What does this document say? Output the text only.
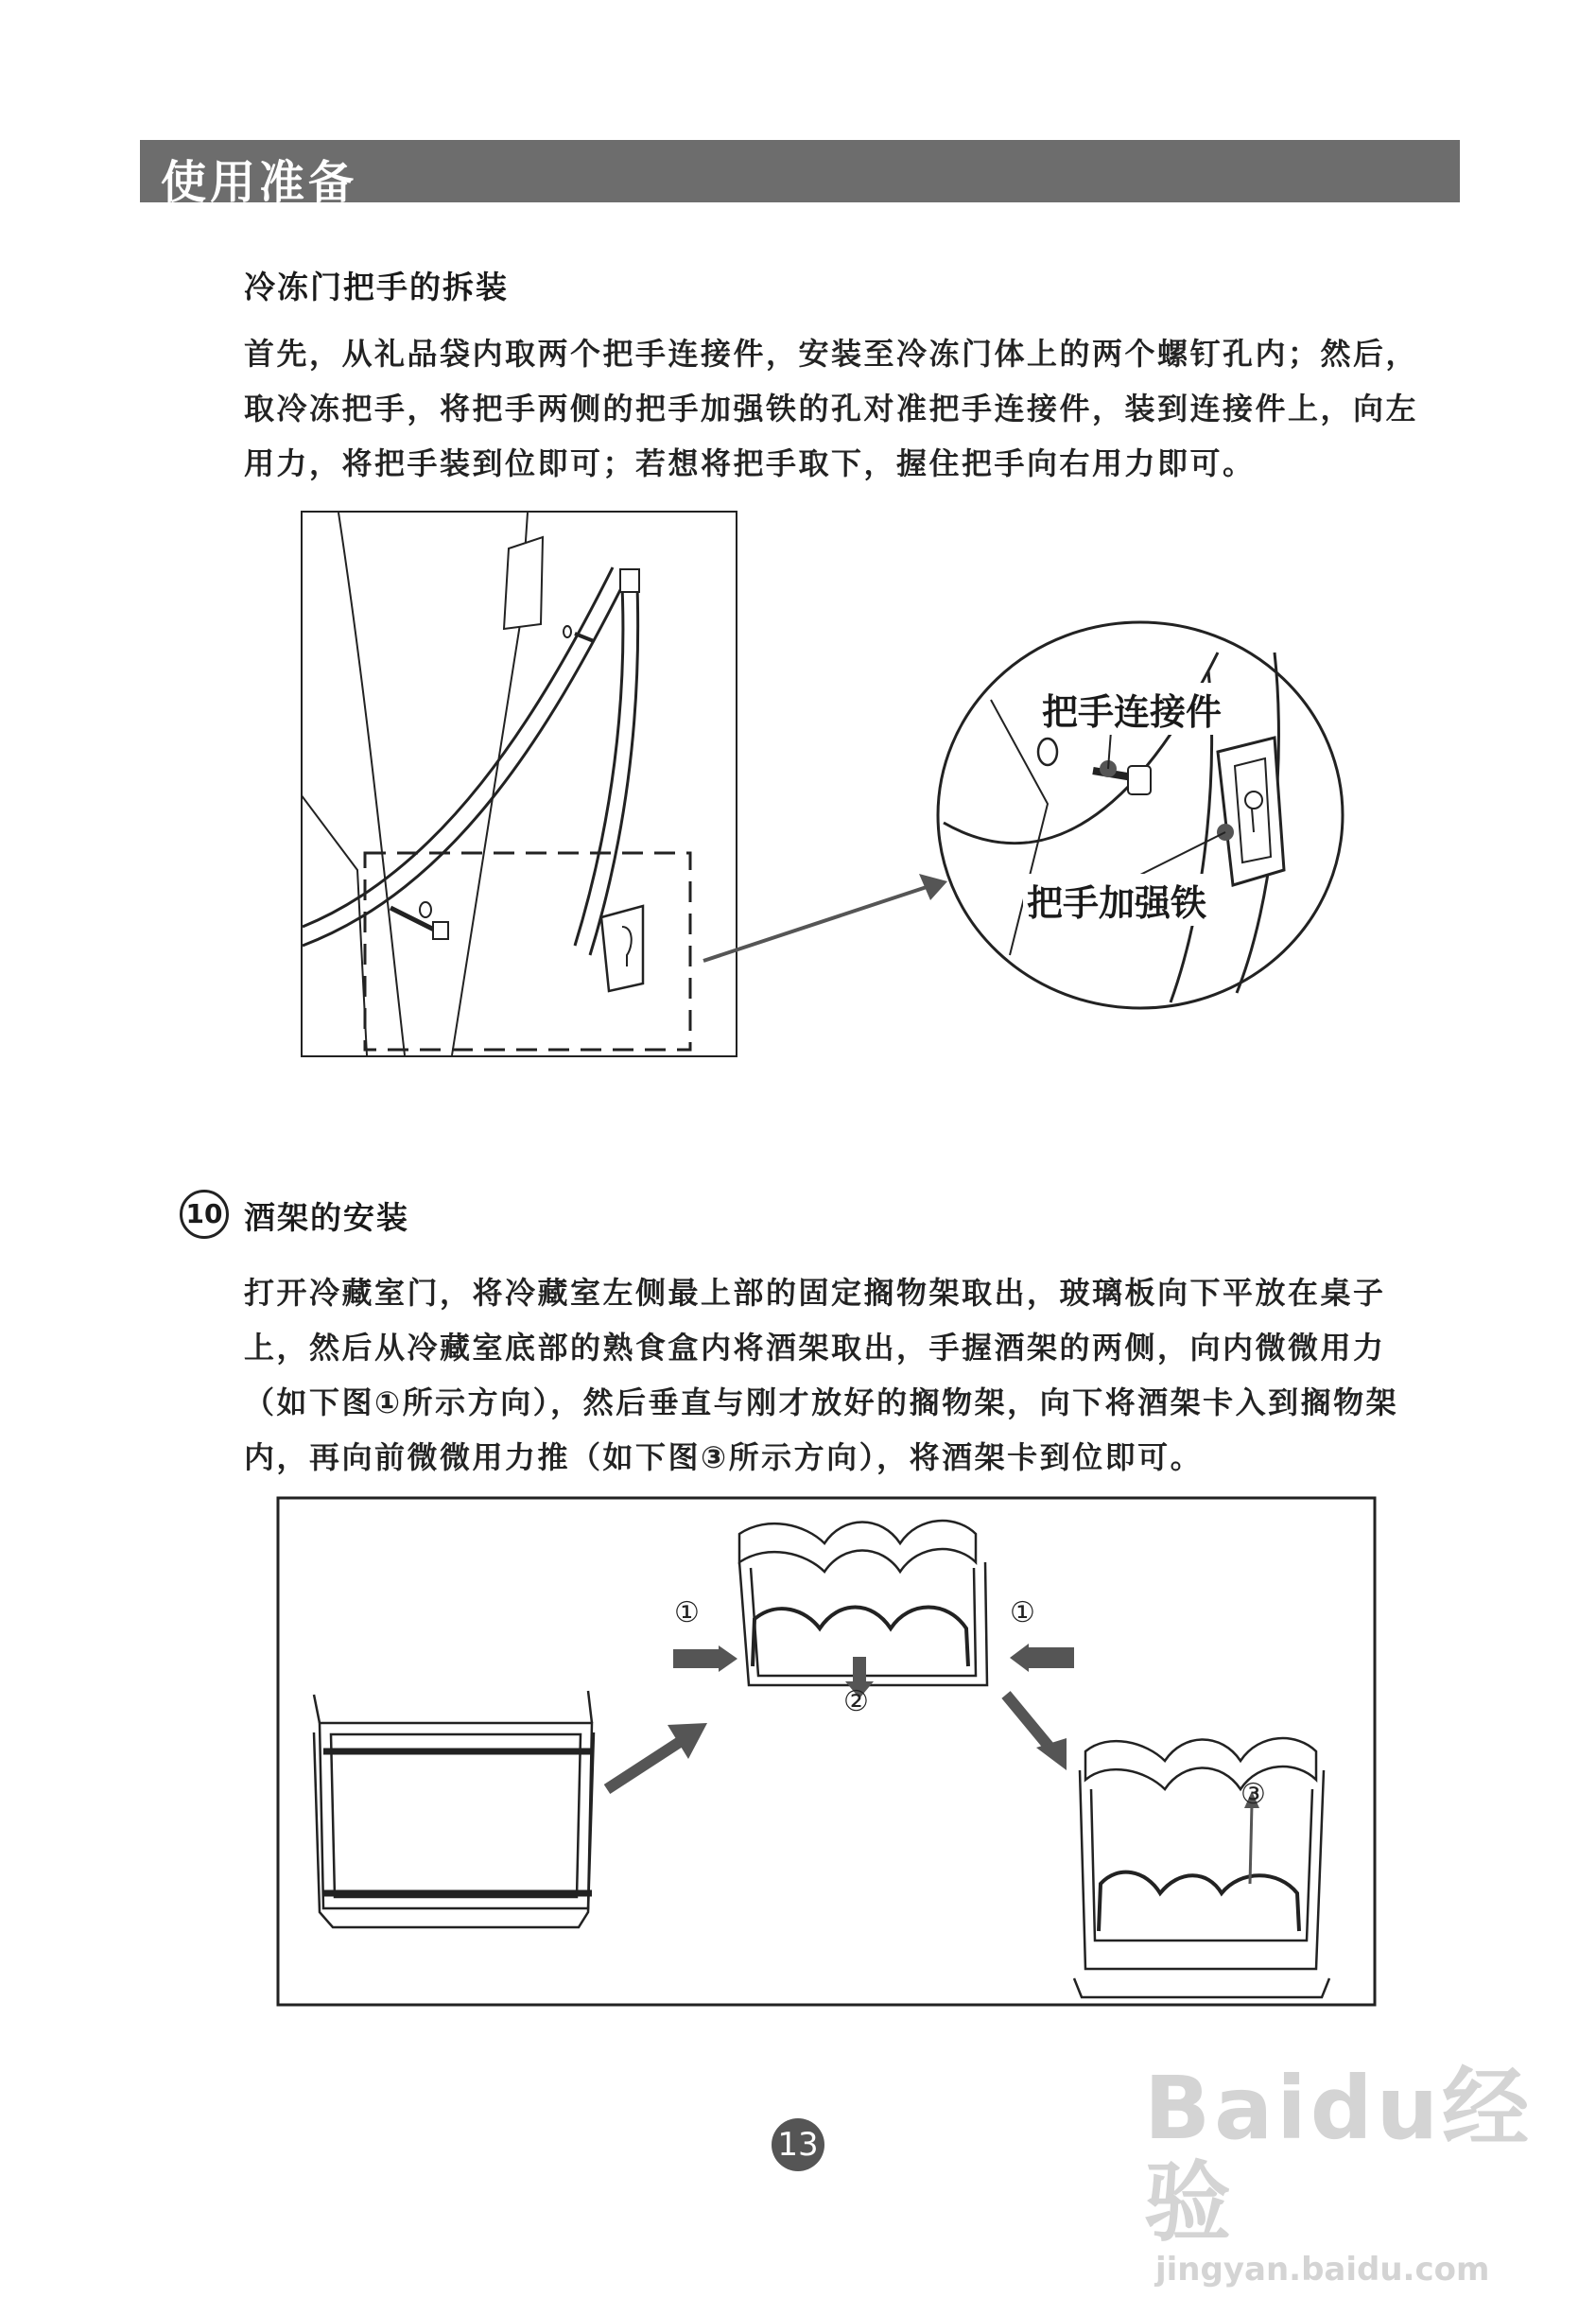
使用准备
冷冻门把手的拆装

首先，从礼品袋内取两个把手连接件，安装至冷冻门体上的两个螺钉孔内；然后，

取冷冻把手，将把手两侧的把手加强铁的孔对准把手连接件，装到连接件上，向左

用力，将把手装到位即可；若想将把手取下，握住把手向右用力即可。

把手连接件
把手加强铁
10 酒架的安装

打开冷藏室门，将冷藏室左侧最上部的固定搁物架取出，玻璃板向下平放在桌子

上，然后从冷藏室底部的熟食盒内将酒架取出，手握酒架的两侧，向内微微用力

（如下图①所示方向），然后垂直与刚才放好的搁物架，向下将酒架卡入到搁物架

内，再向前微微用力推（如下图③所示方向），将酒架卡到位即可。

①	①
②
③
13	Baidu经验
jingyan.baidu.com
